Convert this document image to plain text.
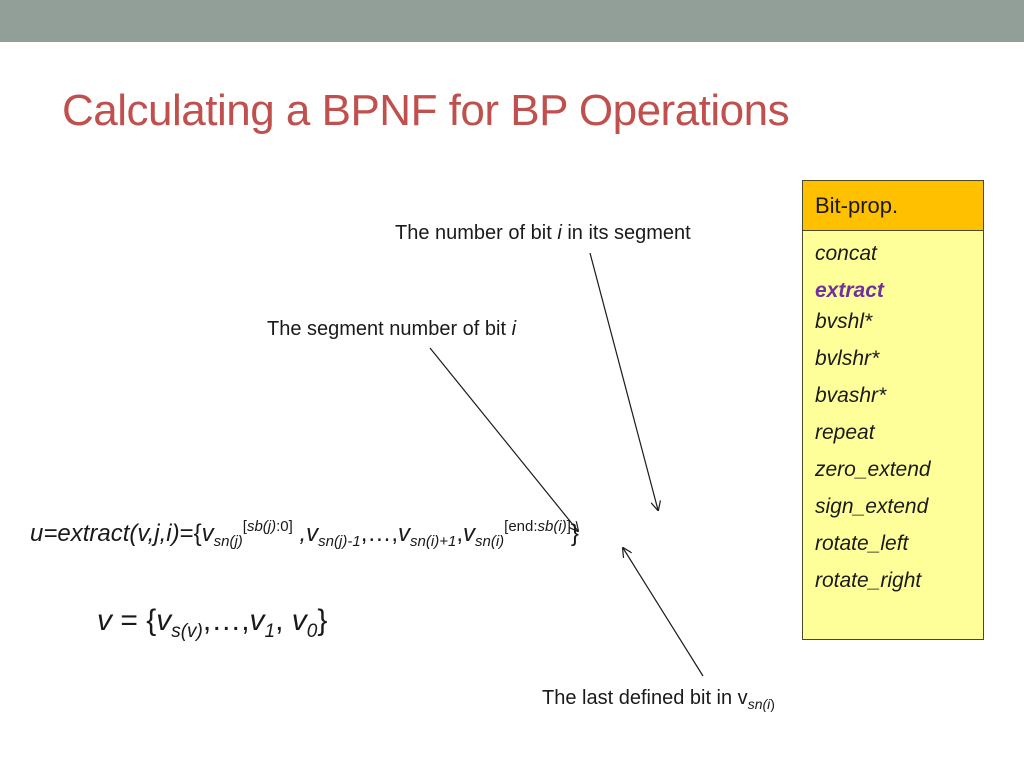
Calculating a BPNF for BP Operations
The number of bit i in its segment
The segment number of bit i
The last defined bit in $v_{sn(i)}$
$u=extract(v,j,i)=\{v_{sn(j)}[sb(j):0]$ $,v_{sn(j)-1},\dots,v_{sn(i)+1},v_{sn(i)}[end:sb(i)]$}
$v = \{v_{s(v)},\dots,v_1$, $v_0$}
Bit-prop.
concat
extract
bvshl*
bvlshr*
bvashr*
repeat
zero_extend
sign_extend
rotate_left
rotate_right
